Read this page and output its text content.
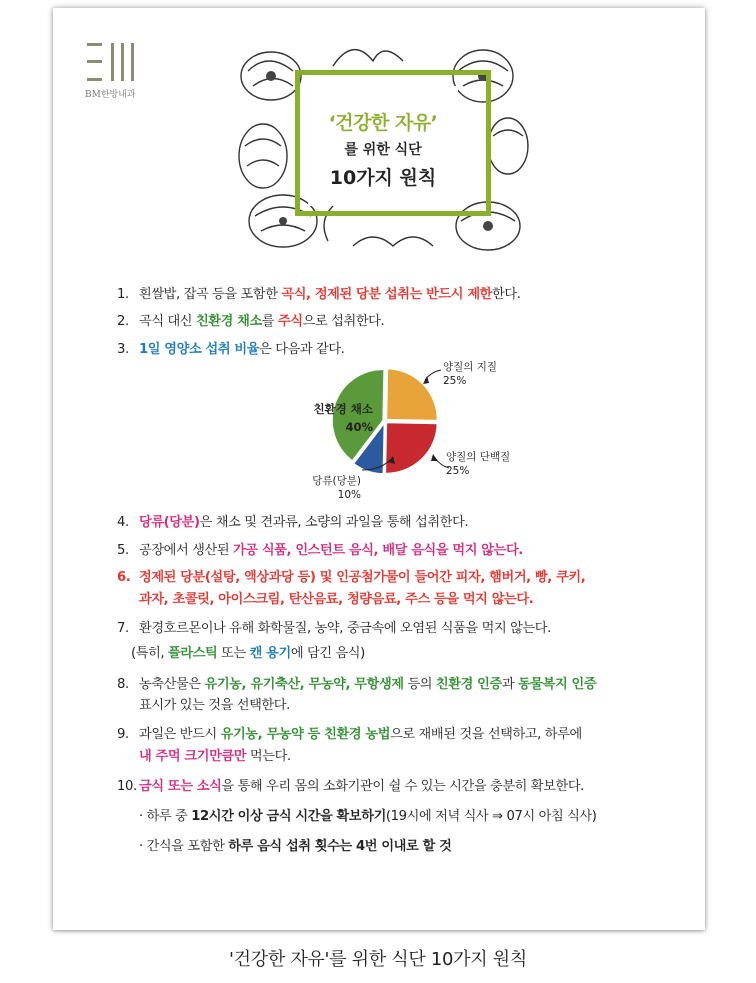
BM한방내과
‘건강한 자유’
를 위한 식단
10가지 원칙
1. 흰쌀밥, 잡곡 등을 포함한 곡식, 정제된 당분 섭취는 반드시 제한한다.
2. 곡식 대신 친환경 채소를 주식으로 섭취한다.
3. 1일 영양소 섭취 비율은 다음과 같다.
4. 당류(당분)은 채소 및 견과류, 소량의 과일을 통해 섭취한다.
5. 공장에서 생산된 가공 식품, 인스턴트 음식, 배달 음식을 먹지 않는다.
6. 정제된 당분(설탕, 액상과당 등) 및 인공첨가물이 들어간 피자, 햄버거, 빵, 쿠키,
과자, 초콜릿, 아이스크림, 탄산음료, 청량음료, 주스 등을 먹지 않는다.
7. 환경호르몬이나 유해 화학물질, 농약, 중금속에 오염된 식품을 먹지 않는다.
(특히, 플라스틱 또는 캔 용기에 담긴 음식)
8. 농축산물은 유기농, 유기축산, 무농약, 무항생제 등의 친환경 인증과 동물복지 인증
표시가 있는 것을 선택한다.
9. 과일은 반드시 유기농, 무농약 등 친환경 농법으로 재배된 것을 선택하고, 하루에
내 주먹 크기만큼만 먹는다.
10. 금식 또는 소식을 통해 우리 몸의 소화기관이 쉴 수 있는 시간을 충분히 확보한다.
· 하루 중 12시간 이상 금식 시간을 확보하기(19시에 저녁 식사 ⇒ 07시 아침 식사)
· 간식을 포함한 하루 음식 섭취 횟수는 4번 이내로 할 것
양질의 지질
25%
양질의 단백질
25%
당류(당분)
10%
친환경 채소
40%
'건강한 자유'를 위한 식단 10가지 원칙
